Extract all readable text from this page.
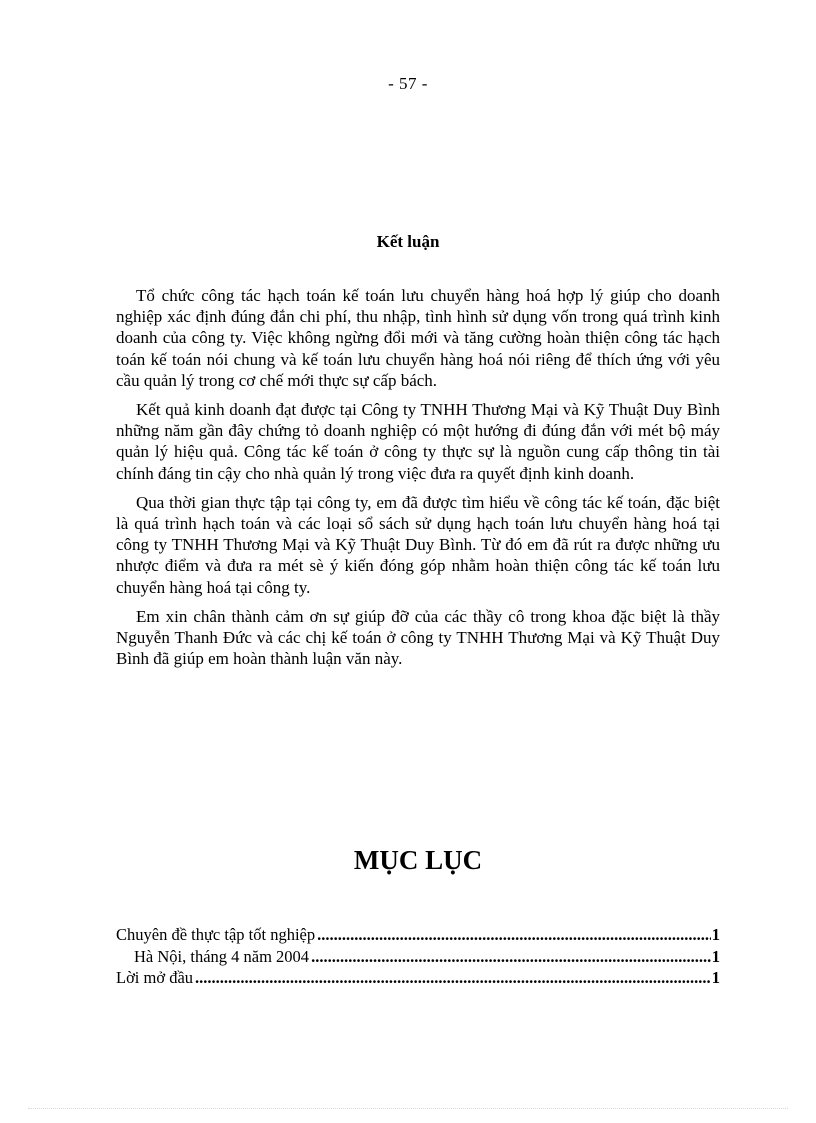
- 57 -
Kết luận

Tổ chức công tác hạch toán kế toán lưu chuyển hàng hoá hợp lý giúp cho doanh nghiệp xác định đúng đắn chi phí, thu nhập, tình hình sử dụng vốn trong quá trình kinh doanh của công ty. Việc không ngừng đổi mới và tăng cường hoàn thiện công tác hạch toán kế toán nói chung và kế toán lưu chuyển hàng hoá nói riêng để thích ứng với yêu cầu quản lý trong cơ chế mới thực sự cấp bách.

Kết quả kinh doanh đạt được tại Công ty TNHH Thương Mại và Kỹ Thuật Duy Bình những năm gần đây chứng tỏ doanh nghiệp có một hướng đi đúng đắn với mét bộ máy quản lý hiệu quả. Công tác kế toán ở công ty thực sự là nguồn cung cấp thông tin tài chính đáng tin cậy cho nhà quản lý trong việc đưa ra quyết định kinh doanh.

Qua thời gian thực tập tại công ty, em đã được tìm hiểu về công tác kế toán, đặc biệt là quá trình hạch toán và các loại sổ sách sử dụng hạch toán lưu chuyển hàng hoá tại công ty TNHH Thương Mại và Kỹ Thuật Duy Bình. Từ đó em đã rút ra được những ưu nhược điểm và đưa ra mét sè ý kiến đóng góp nhằm hoàn thiện công tác kế toán lưu chuyển hàng hoá tại công ty.

Em xin chân thành cảm ơn sự giúp đỡ của các thầy cô trong khoa đặc biệt là thầy Nguyễn Thanh Đức và các chị kế toán ở công ty TNHH Thương Mại và Kỹ Thuật Duy Bình đã giúp em hoàn thành luận văn này.

MỤC LỤC
Chuyên đề thực tập tốt nghiệp .....	1
Hà Nội, tháng 4 năm 2004 .....	1
Lời mở đầu .....	1
